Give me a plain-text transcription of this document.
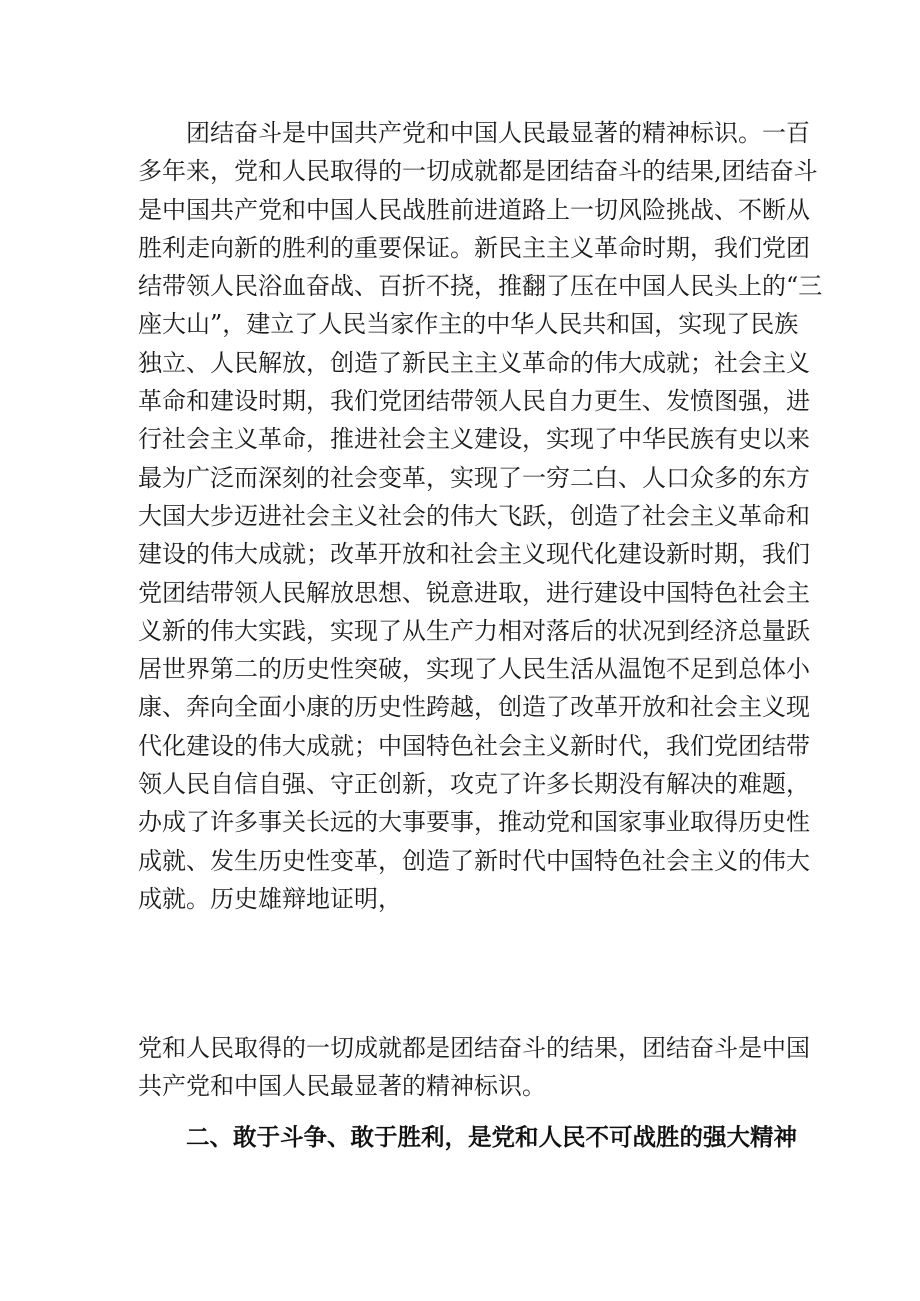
团结奋斗是中国共产党和中国人民最显著的精神标识。一百
多年来，党和人民取得的一切成就都是团结奋斗的结果,团结奋斗
是中国共产党和中国人民战胜前进道路上一切风险挑战、不断从
胜利走向新的胜利的重要保证。新民主主义革命时期，我们党团
结带领人民浴血奋战、百折不挠，推翻了压在中国人民头上的“三
座大山”，建立了人民当家作主的中华人民共和国，实现了民族
独立、人民解放，创造了新民主主义革命的伟大成就；社会主义
革命和建设时期，我们党团结带领人民自力更生、发愤图强，进
行社会主义革命，推进社会主义建设，实现了中华民族有史以来
最为广泛而深刻的社会变革，实现了一穷二白、人口众多的东方
大国大步迈进社会主义社会的伟大飞跃，创造了社会主义革命和
建设的伟大成就；改革开放和社会主义现代化建设新时期，我们
党团结带领人民解放思想、锐意进取，进行建设中国特色社会主
义新的伟大实践，实现了从生产力相对落后的状况到经济总量跃
居世界第二的历史性突破，实现了人民生活从温饱不足到总体小
康、奔向全面小康的历史性跨越，创造了改革开放和社会主义现
代化建设的伟大成就；中国特色社会主义新时代，我们党团结带
领人民自信自强、守正创新，攻克了许多长期没有解决的难题，
办成了许多事关长远的大事要事，推动党和国家事业取得历史性
成就、发生历史性变革，创造了新时代中国特色社会主义的伟大
成就。历史雄辩地证明，
党和人民取得的一切成就都是团结奋斗的结果，团结奋斗是中国
共产党和中国人民最显著的精神标识。
二、敢于斗争、敢于胜利，是党和人民不可战胜的强大精神
